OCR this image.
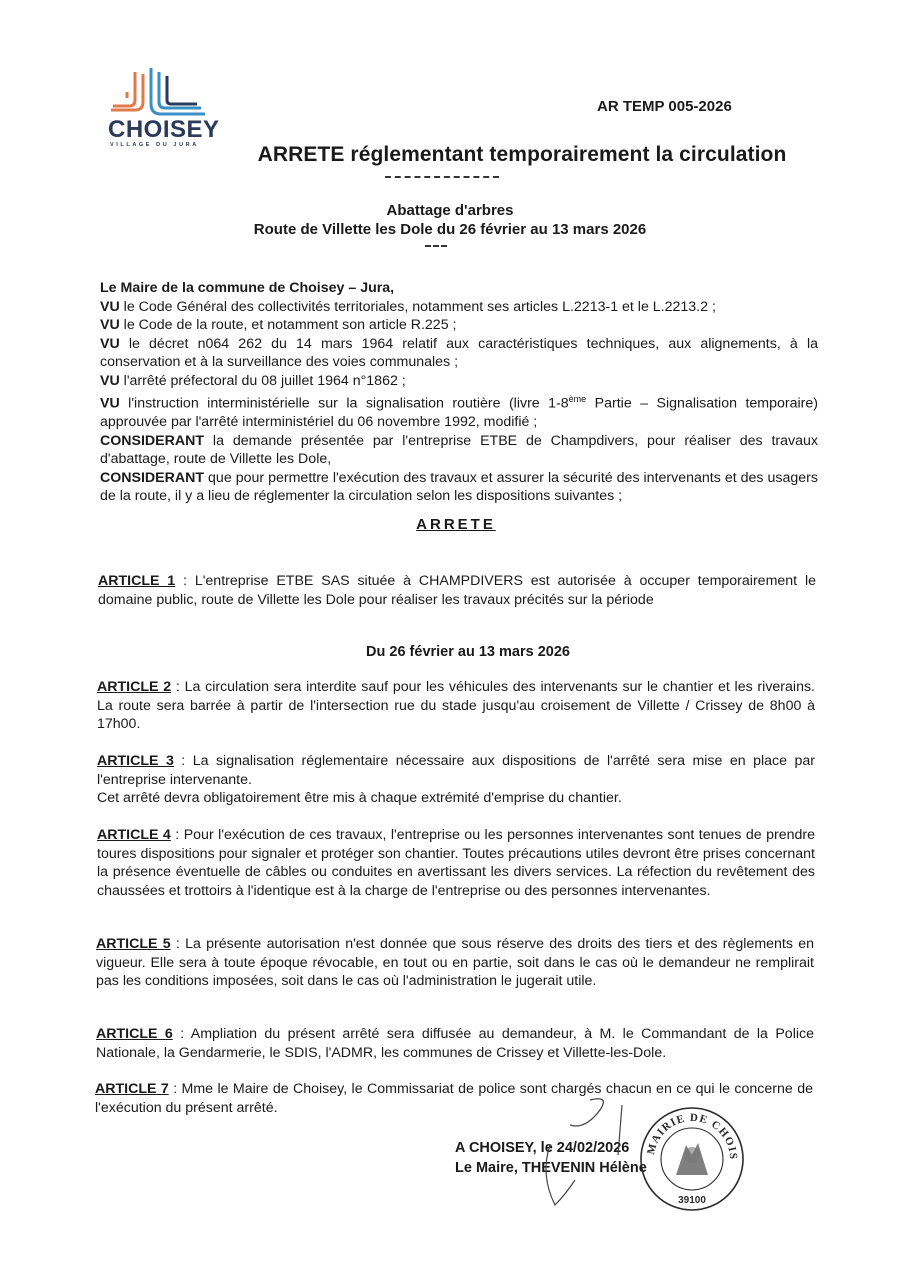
CHOISEY
VILLAGE DU JURA
AR TEMP 005-2026
ARRETE réglementant temporairement la circulation
Abattage d'arbres
Route de Villette les Dole du 26 février au 13 mars 2026

Le Maire de la commune de Choisey – Jura,

VU le Code Général des collectivités territoriales, notamment ses articles L.2213-1 et le L.2213.2 ;

VU le Code de la route, et notamment son article R.225 ;

VU le décret n064 262 du 14 mars 1964 relatif aux caractéristiques techniques, aux alignements, à la conservation et à la surveillance des voies communales ;

VU l'arrêté préfectoral du 08 juillet 1964 n°1862 ;

VU l'instruction interministérielle sur la signalisation routière (livre 1-8ème Partie – Signalisation temporaire) approuvée par l'arrêté interministériel du 06 novembre 1992, modifié ;

CONSIDERANT la demande présentée par l'entreprise ETBE de Champdivers, pour réaliser des travaux d'abattage, route de Villette les Dole,

CONSIDERANT que pour permettre l'exécution des travaux et assurer la sécurité des intervenants et des usagers de la route, il y a lieu de réglementer la circulation selon les dispositions suivantes ;

ARRETE

ARTICLE 1 : L'entreprise ETBE SAS située à CHAMPDIVERS est autorisée à occuper temporairement le domaine public, route de Villette les Dole pour réaliser les travaux précités sur la période

Du 26 février au 13 mars 2026

ARTICLE 2 : La circulation sera interdite sauf pour les véhicules des intervenants sur le chantier et les riverains. La route sera barrée à partir de l'intersection rue du stade jusqu'au croisement de Villette / Crissey de 8h00 à 17h00.

ARTICLE 3 : La signalisation réglementaire nécessaire aux dispositions de l'arrêté sera mise en place par l'entreprise intervenante.

Cet arrêté devra obligatoirement être mis à chaque extrémité d'emprise du chantier.

ARTICLE 4 : Pour l'exécution de ces travaux, l'entreprise ou les personnes intervenantes sont tenues de prendre toures dispositions pour signaler et protéger son chantier. Toutes précautions utiles devront être prises concernant la présence éventuelle de câbles ou conduites en avertissant les divers services. La réfection du revêtement des chaussées et trottoirs à l'identique est à la charge de l'entreprise ou des personnes intervenantes.

ARTICLE 5 : La présente autorisation n'est donnée que sous réserve des droits des tiers et des règlements en vigueur. Elle sera à toute époque révocable, en tout ou en partie, soit dans le cas où le demandeur ne remplirait pas les conditions imposées, soit dans le cas où l'administration le jugerait utile.

ARTICLE 6 : Ampliation du présent arrêté sera diffusée au demandeur, à M. le Commandant de la Police Nationale, la Gendarmerie, le SDIS, l'ADMR, les communes de Crissey et Villette-les-Dole.

ARTICLE 7 : Mme le Maire de Choisey, le Commissariat de police sont chargés chacun en ce qui le concerne de l'exécution du présent arrêté.

A CHOISEY, le 24/02/2026
Le Maire, THEVENIN Hélène
MAIRIE DE CHOIS
39100
